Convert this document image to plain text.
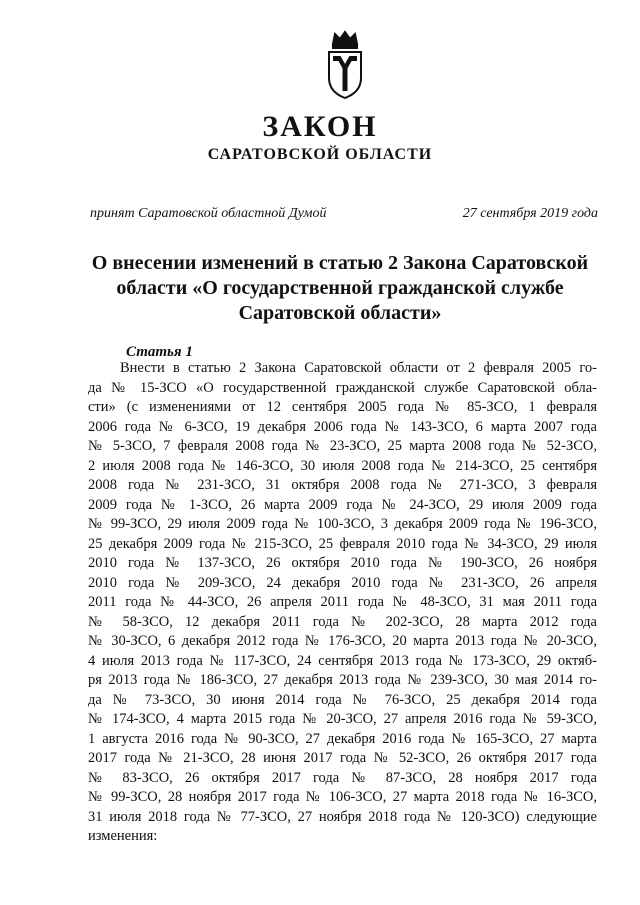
ЗАКОН
САРАТОВСКОЙ ОБЛАСТИ
принят Саратовской областной Думой	27 сентября 2019 года
О внесении изменений в статью 2 Закона Саратовской
области «О государственной гражданской службе
Саратовской области»
Статья 1
Внести в статью 2 Закона Саратовской области от 2 февраля 2005 го-
да № 15-ЗСО «О государственной гражданской службе Саратовской обла-
сти» (с изменениями от 12 сентября 2005 года № 85-ЗСО, 1 февраля
2006 года № 6-ЗСО, 19 декабря 2006 года № 143-ЗСО, 6 марта 2007 года
№ 5-ЗСО, 7 февраля 2008 года № 23-ЗСО, 25 марта 2008 года № 52-ЗСО,
2 июля 2008 года № 146-ЗСО, 30 июля 2008 года № 214-ЗСО, 25 сентября
2008 года № 231-ЗСО, 31 октября 2008 года № 271-ЗСО, 3 февраля
2009 года № 1-ЗСО, 26 марта 2009 года № 24-ЗСО, 29 июля 2009 года
№ 99-ЗСО, 29 июля 2009 года № 100-ЗСО, 3 декабря 2009 года № 196-ЗСО,
25 декабря 2009 года № 215-ЗСО, 25 февраля 2010 года № 34-ЗСО, 29 июля
2010 года № 137-ЗСО, 26 октября 2010 года № 190-ЗСО, 26 ноября
2010 года № 209-ЗСО, 24 декабря 2010 года № 231-ЗСО, 26 апреля
2011 года № 44-ЗСО, 26 апреля 2011 года № 48-ЗСО, 31 мая 2011 года
№ 58-ЗСО, 12 декабря 2011 года № 202-ЗСО, 28 марта 2012 года
№ 30-ЗСО, 6 декабря 2012 года № 176-ЗСО, 20 марта 2013 года № 20-ЗСО,
4 июля 2013 года № 117-ЗСО, 24 сентября 2013 года № 173-ЗСО, 29 октяб-
ря 2013 года № 186-ЗСО, 27 декабря 2013 года № 239-ЗСО, 30 мая 2014 го-
да № 73-ЗСО, 30 июня 2014 года № 76-ЗСО, 25 декабря 2014 года
№ 174-ЗСО, 4 марта 2015 года № 20-ЗСО, 27 апреля 2016 года № 59-ЗСО,
1 августа 2016 года № 90-ЗСО, 27 декабря 2016 года № 165-ЗСО, 27 марта
2017 года № 21-ЗСО, 28 июня 2017 года № 52-ЗСО, 26 октября 2017 года
№ 83-ЗСО, 26 октября 2017 года № 87-ЗСО, 28 ноября 2017 года
№ 99-ЗСО, 28 ноября 2017 года № 106-ЗСО, 27 марта 2018 года № 16-ЗСО,
31 июля 2018 года № 77-ЗСО, 27 ноября 2018 года № 120-ЗСО) следующие
изменения:
